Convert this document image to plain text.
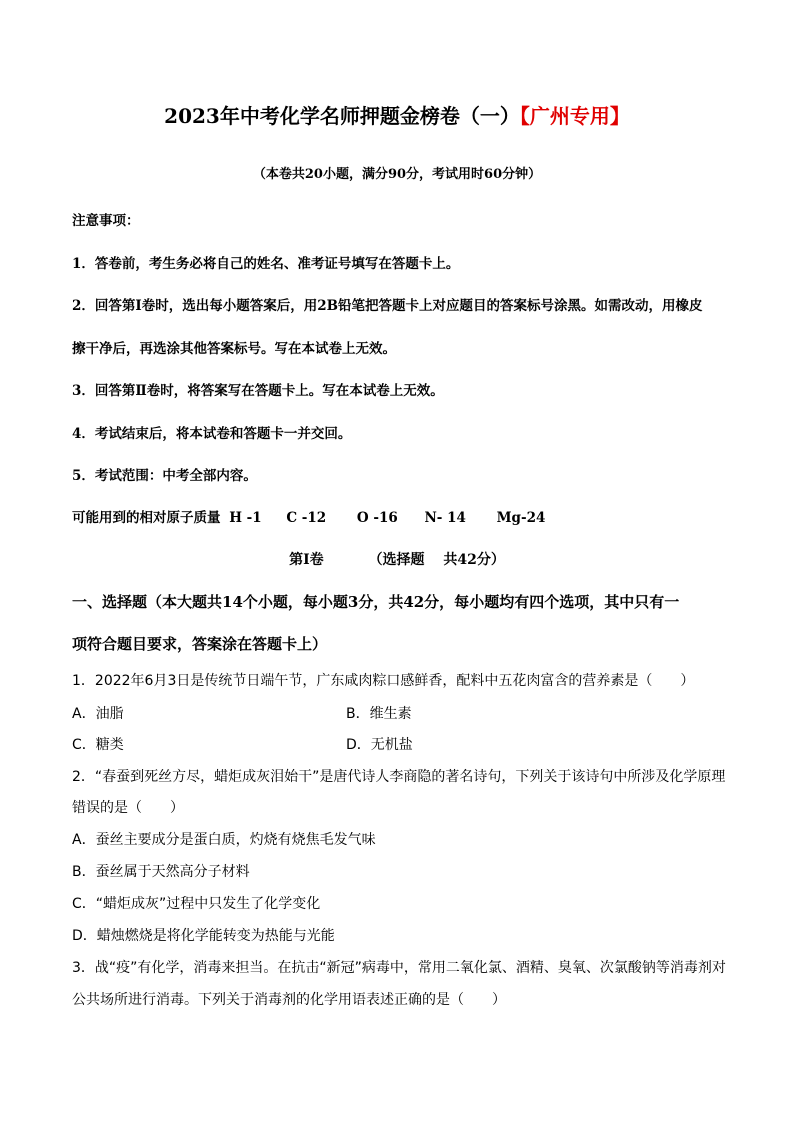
2023年中考化学名师押题金榜卷（一）【广州专用】
（本卷共20小题，满分90分，考试用时60分钟）
注意事项：
1．答卷前，考生务必将自己的姓名、准考证号填写在答题卡上。
2．回答第Ⅰ卷时，选出每小题答案后，用2B铅笔把答题卡上对应题目的答案标号涂黑。如需改动，用橡皮
擦干净后，再选涂其他答案标号。写在本试卷上无效。
3．回答第Ⅱ卷时，将答案写在答题卡上。写在本试卷上无效。
4．考试结束后，将本试卷和答题卡一并交回。
5．考试范围：中考全部内容。
可能用到的相对原子质量 H -1 C -12 O -16 N- 14 Mg-24
第Ⅰ卷	（选择题　 共42分）
一、选择题（本大题共14个小题，每小题3分，共42分，每小题均有四个选项，其中只有一
项符合题目要求，答案涂在答题卡上）
1．2022年6月3日是传统节日端午节，广东咸肉粽口感鲜香，配料中五花肉富含的营养素是（　　）
A．油脂	B．维生素
C．糖类	D．无机盐
2．“春蚕到死丝方尽，蜡炬成灰泪始干”是唐代诗人李商隐的著名诗句，下列关于该诗句中所涉及化学原理
错误的是（　　）
A．蚕丝主要成分是蛋白质，灼烧有烧焦毛发气味
B．蚕丝属于天然高分子材料
C．“蜡炬成灰”过程中只发生了化学变化
D．蜡烛燃烧是将化学能转变为热能与光能
3．战“疫”有化学，消毒来担当。在抗击“新冠”病毒中，常用二氧化氯、酒精、臭氧、次氯酸钠等消毒剂对
公共场所进行消毒。下列关于消毒剂的化学用语表述正确的是（　　）
